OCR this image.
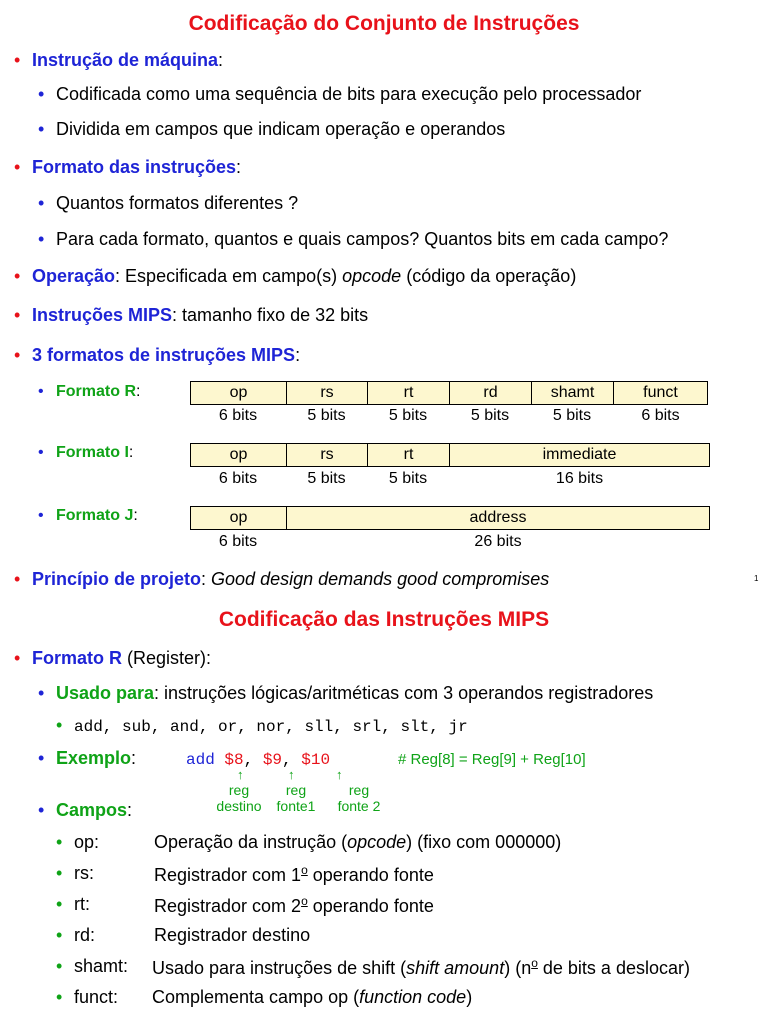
Codificação do Conjunto de Instruções
• Instrução de máquina:
• Codificada como uma sequência de bits para execução pelo processador
• Dividida em campos que indicam operação e operandos
• Formato das instruções:
• Quantos formatos diferentes ?
• Para cada formato, quantos e quais campos? Quantos bits em cada campo?
• Operação: Especificada em campo(s) opcode (código da operação)
• Instruções MIPS: tamanho fixo de 32 bits
• 3 formatos de instruções MIPS:
• Formato R:	op	rs	rt	rd	shamt	funct
6 bits	5 bits	5 bits	5 bits	5 bits	6 bits
• Formato I:	op	rs	rt	immediate
6 bits	5 bits	5 bits	16 bits
• Formato J:	op	address
6 bits	26 bits
• Princípio de projeto: Good design demands good compromises	1
Codificação das Instruções MIPS
• Formato R (Register):
• Usado para: instruções lógicas/aritméticas com 3 operandos registradores
• add, sub, and, or, nor, sll, srl, slt, jr
• Exemplo:	add $8, $9, $10	# Reg[8] = Reg[9] + Reg[10]
↑	↑	↑
reg
destino
reg
fonte1
reg
fonte 2
• Campos:
• op:	Operação da instrução (opcode) (fixo com 000000)
• rs:	Registrador com 1$^o$ operando fonte
• rt:	Registrador com 2$^o$ operando fonte
• rd:	Registrador destino
• shamt: Usado para instruções de shift (shift amount) ($n^o$ de bits a deslocar)
• funct: Complementa campo op (function code)
